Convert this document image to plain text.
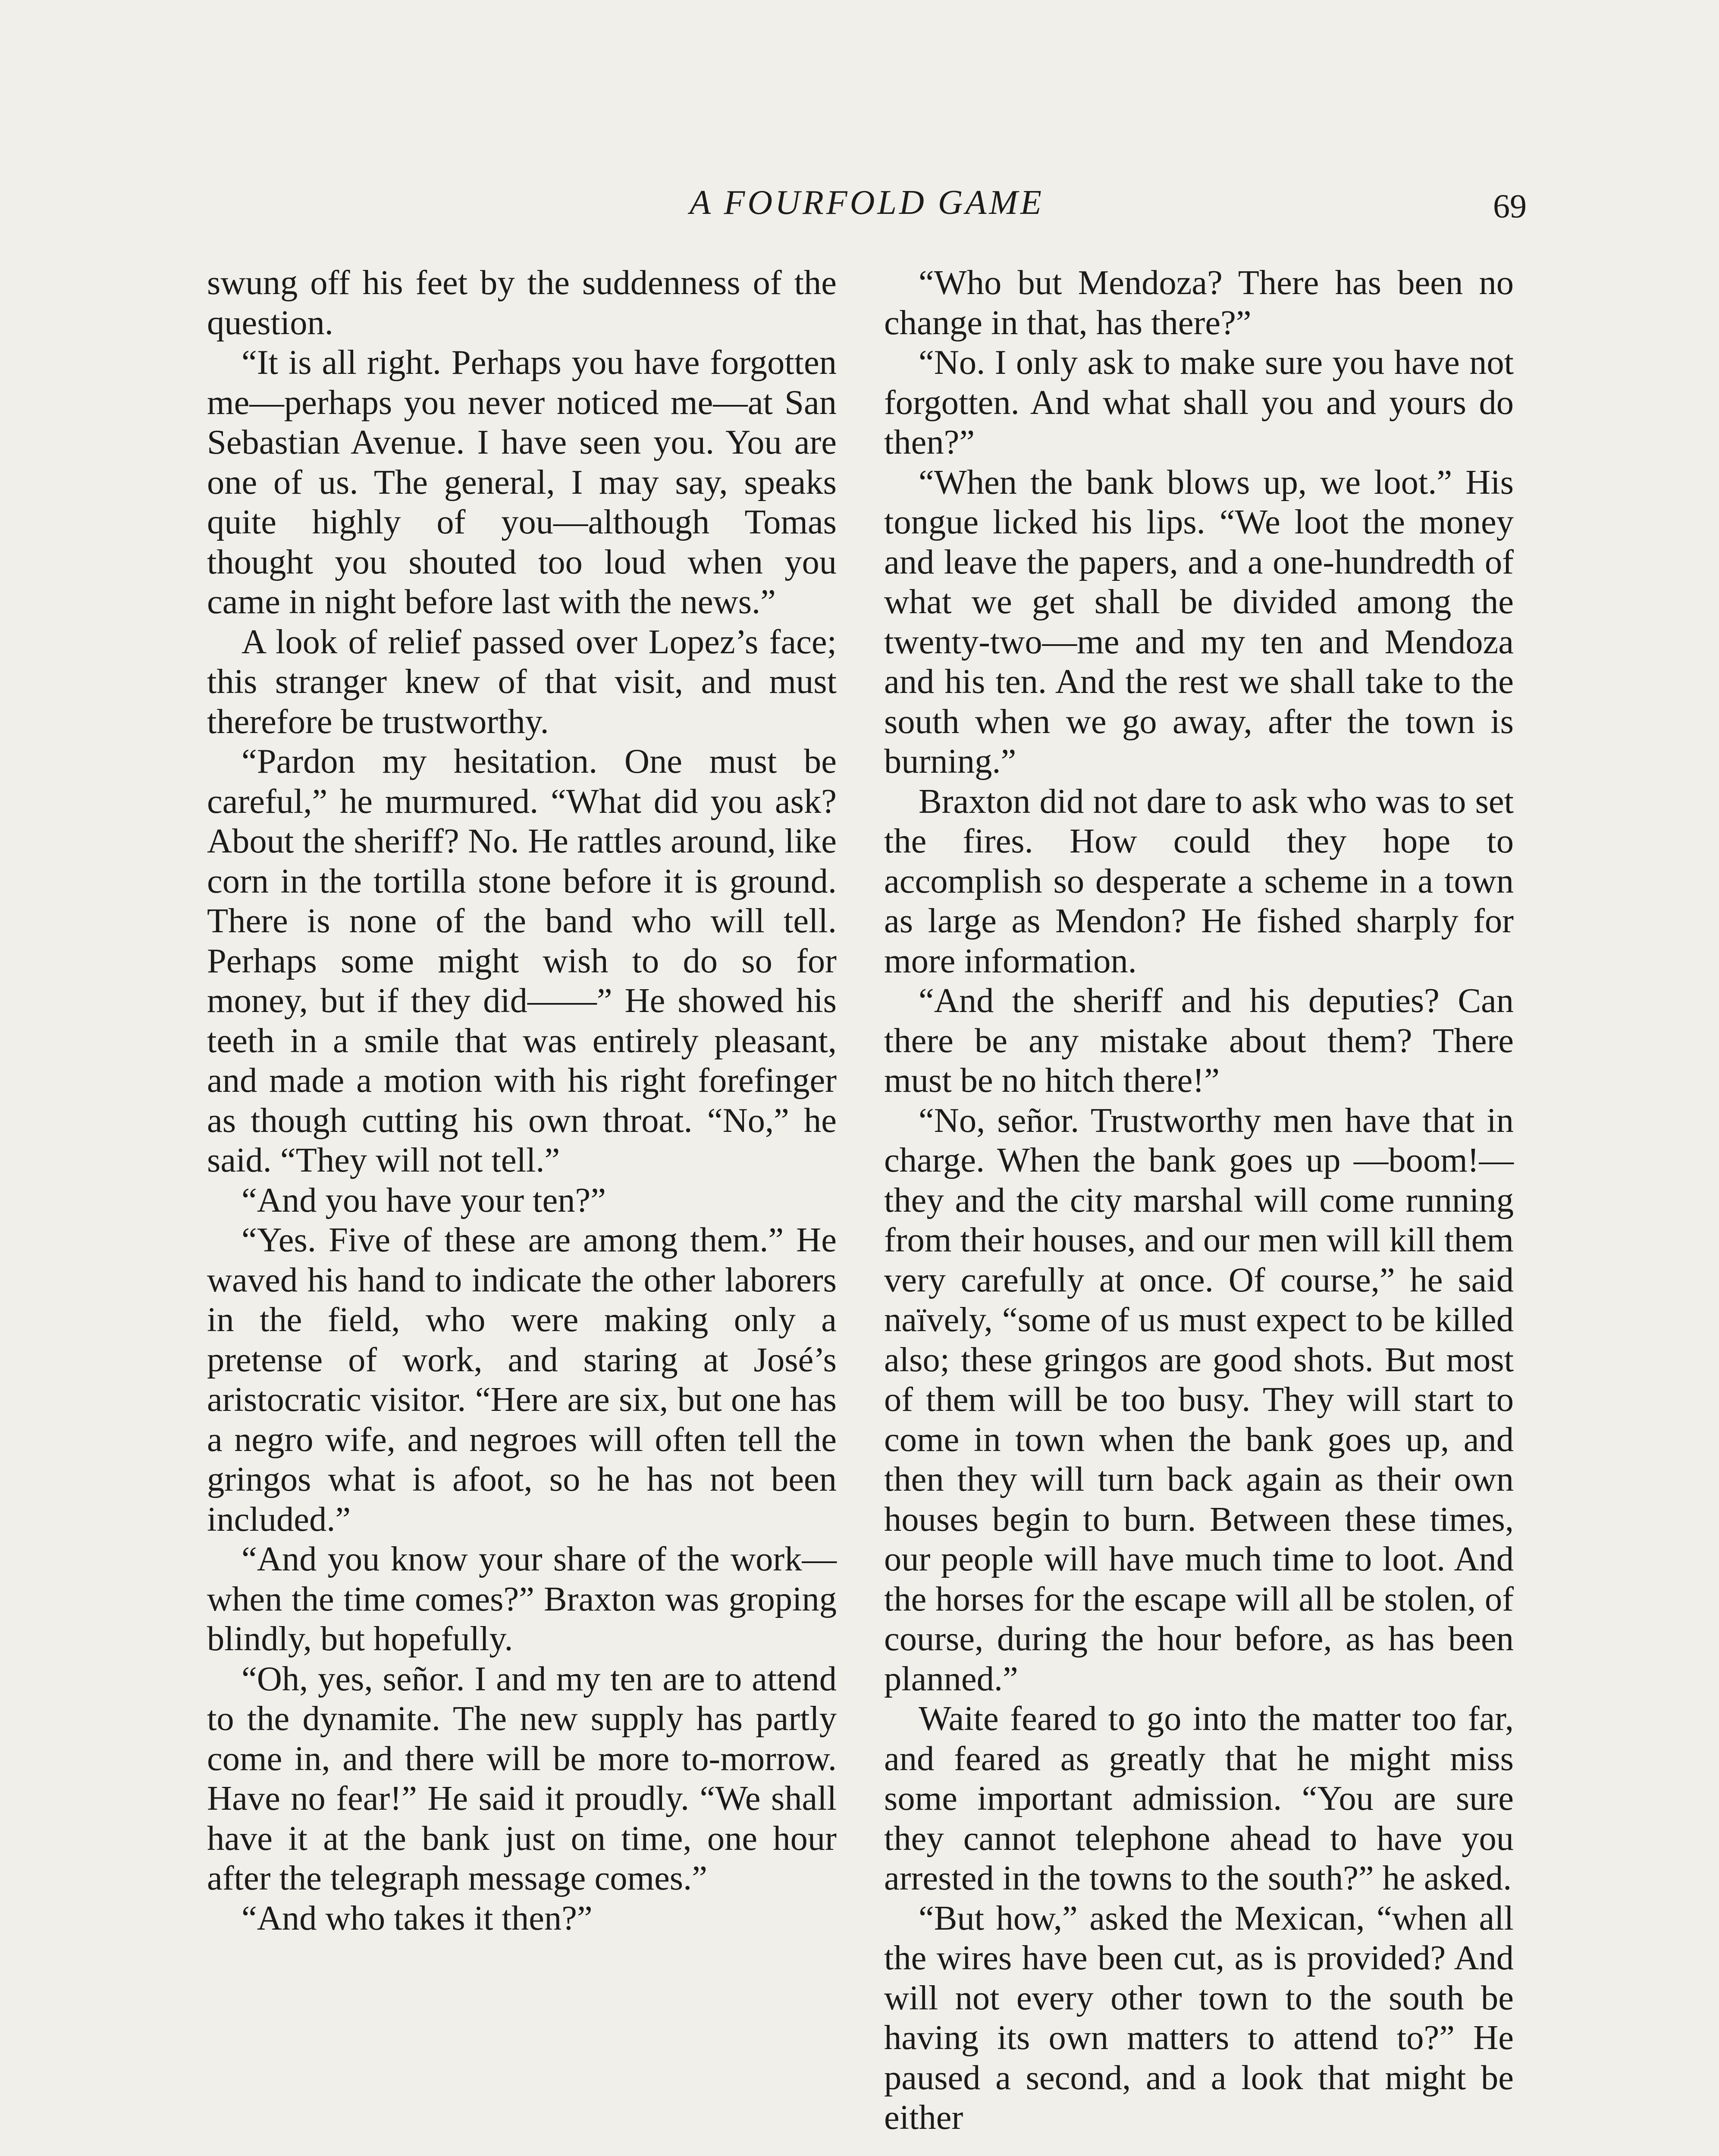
A FOURFOLD GAME	69

swung off his feet by the suddenness of the question.

“It is all right. Perhaps you have forgotten me—perhaps you never noticed me—at San Sebastian Avenue. I have seen you. You are one of us. The general, I may say, speaks quite highly of you—although Tomas thought you shouted too loud when you came in night before last with the news.”

A look of relief passed over Lopez’s face; this stranger knew of that visit, and must therefore be trustworthy.

“Pardon my hesitation. One must be careful,” he murmured. “What did you ask? About the sheriff? No. He rattles around, like corn in the tortilla stone before it is ground. There is none of the band who will tell. Perhaps some might wish to do so for money, but if they did——” He showed his teeth in a smile that was entirely pleasant, and made a motion with his right forefinger as though cutting his own throat. “No,” he said. “They will not tell.”

“And you have your ten?”

“Yes. Five of these are among them.” He waved his hand to indicate the other laborers in the field, who were making only a pretense of work, and staring at José’s aristocratic visitor. “Here are six, but one has a negro wife, and negroes will often tell the gringos what is afoot, so he has not been included.”

“And you know your share of the work—when the time comes?” Braxton was groping blindly, but hopefully.

“Oh, yes, señor. I and my ten are to attend to the dynamite. The new supply has partly come in, and there will be more to-morrow. Have no fear!” He said it proudly. “We shall have it at the bank just on time, one hour after the telegraph message comes.”

“And who takes it then?”

“Who but Mendoza? There has been no change in that, has there?”

“No. I only ask to make sure you have not forgotten. And what shall you and yours do then?”

“When the bank blows up, we loot.” His tongue licked his lips. “We loot the money and leave the papers, and a one-hundredth of what we get shall be divided among the twenty-two—me and my ten and Mendoza and his ten. And the rest we shall take to the south when we go away, after the town is burning.”

Braxton did not dare to ask who was to set the fires. How could they hope to accomplish so desperate a scheme in a town as large as Mendon? He fished sharply for more information.

“And the sheriff and his deputies? Can there be any mistake about them? There must be no hitch there!”

“No, señor. Trustworthy men have that in charge. When the bank goes up —boom!—they and the city marshal will come running from their houses, and our men will kill them very carefully at once. Of course,” he said naïvely, “some of us must expect to be killed also; these gringos are good shots. But most of them will be too busy. They will start to come in town when the bank goes up, and then they will turn back again as their own houses begin to burn. Between these times, our people will have much time to loot. And the horses for the escape will all be stolen, of course, during the hour before, as has been planned.”

Waite feared to go into the matter too far, and feared as greatly that he might miss some important admission. “You are sure they cannot telephone ahead to have you arrested in the towns to the south?” he asked.

“But how,” asked the Mexican, “when all the wires have been cut, as is provided? And will not every other town to the south be having its own matters to attend to?” He paused a second, and a look that might be either
